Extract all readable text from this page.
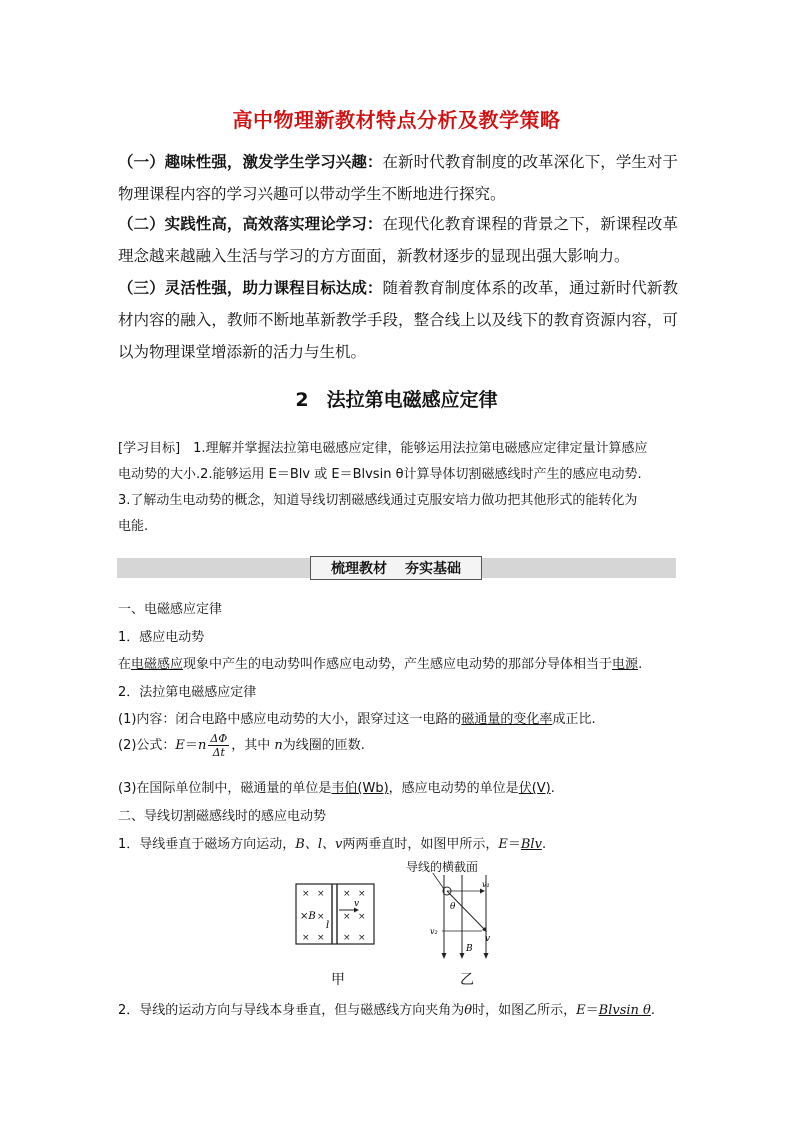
高中物理新教材特点分析及教学策略
（一）趣味性强，激发学生学习兴趣：在新时代教育制度的改革深化下，学生对于物理课程内容的学习兴趣可以带动学生不断地进行探究。
（二）实践性高，高效落实理论学习：在现代化教育课程的背景之下，新课程改革理念越来越融入生活与学习的方方面面，新教材逐步的显现出强大影响力。
（三）灵活性强，助力课程目标达成：随着教育制度体系的改革，通过新时代新教材内容的融入，教师不断地革新教学手段，整合线上以及线下的教育资源内容，可以为物理课堂增添新的活力与生机。
2 法拉第电磁感应定律
[学习目标]　1.理解并掌握法拉第电磁感应定律，能够运用法拉第电磁感应定律定量计算感应
电动势的大小.2.能够运用 E＝Blv 或 E＝Blvsin θ计算导体切割磁感线时产生的感应电动势.
3.了解动生电动势的概念，知道导线切割磁感线通过克服安培力做功把其他形式的能转化为
电能.
梳理教材 夯实基础
一、电磁感应定律
1．感应电动势
在电磁感应现象中产生的电动势叫作感应电动势，产生感应电动势的那部分导体相当于电源.
2．法拉第电磁感应定律
(1)内容：闭合电路中感应电动势的大小，跟穿过这一电路的磁通量的变化率成正比.
(2)公式：$E=n \frac{\Delta\Phi}{\Delta t}$ ，其中 n为线圈的匝数.
(3)在国际单位制中，磁通量的单位是韦伯(Wb)，感应电动势的单位是伏(V).
二、导线切割磁感线时的感应电动势
1．导线垂直于磁场方向运动，B、l、v两两垂直时，如图甲所示，E＝Blv.
× × × ×
× × ×
× × × ×
×B
l
v
甲
导线的横截面
θ
v₁
v₂
v
B
乙
2．导线的运动方向与导线本身垂直，但与磁感线方向夹角为θ时，如图乙所示，E＝Blvsin θ.
